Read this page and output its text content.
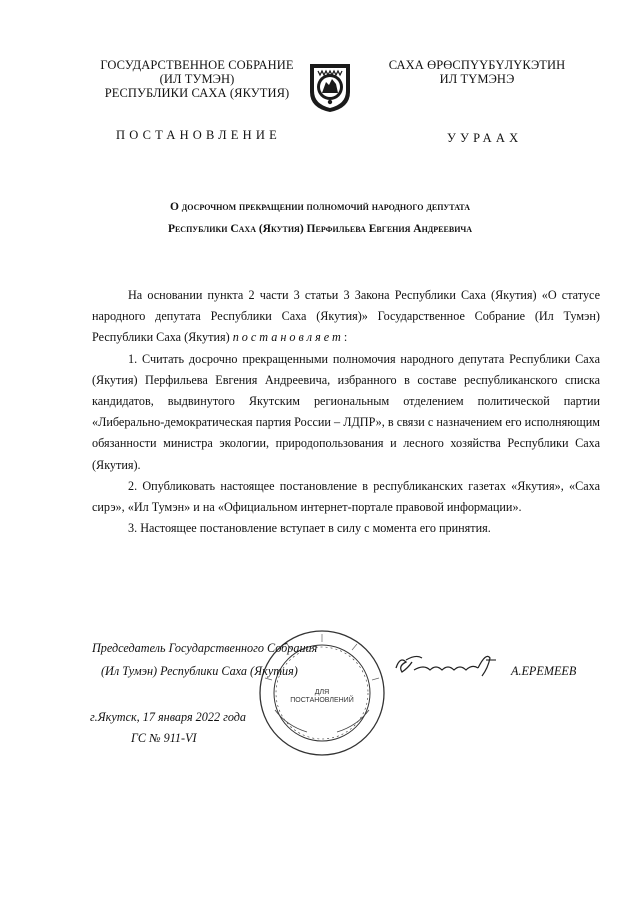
ГОСУДАРСТВЕННОЕ СОБРАНИЕ
(ИЛ ТУМЭН)
РЕСПУБЛИКИ САХА (ЯКУТИЯ)
САХА ӨРӨСПҮҮБҮЛҮКЭТИН
ИЛ ТҮМЭНЭ
ПОСТАНОВЛЕНИЕ	УУРААХ
О досрочном прекращении полномочий народного депутата
Республики Саха (Якутия) Перфильева Евгения Андреевича

На основании пункта 2 части 3 статьи 3 Закона Республики Саха (Якутия) «О статусе народного депутата Республики Саха (Якутия)» Государственное Собрание (Ил Тумэн) Республики Саха (Якутия) постановляет:

1. Считать досрочно прекращенными полномочия народного депутата Республики Саха (Якутия) Перфильева Евгения Андреевича, избранного в составе республиканского списка кандидатов, выдвинутого Якутским региональным отделением политической партии «Либерально-демократическая партия России – ЛДПР», в связи с назначением его исполняющим обязанности министра экологии, природопользования и лесного хозяйства Республики Саха (Якутия).

2. Опубликовать настоящее постановление в республиканских газетах «Якутия», «Саха сирэ», «Ил Тумэн» и на «Официальном интернет-портале правовой информации».

3. Настоящее постановление вступает в силу с момента его принятия.

ДЛЯ
ПОСТАНОВЛЕНИЙ
Председатель Государственного Собрания
(Ил Тумэн) Республики Саха (Якутия)	А.ЕРЕМЕЕВ
г.Якутск, 17 января 2022 года
ГС № 911-VI
